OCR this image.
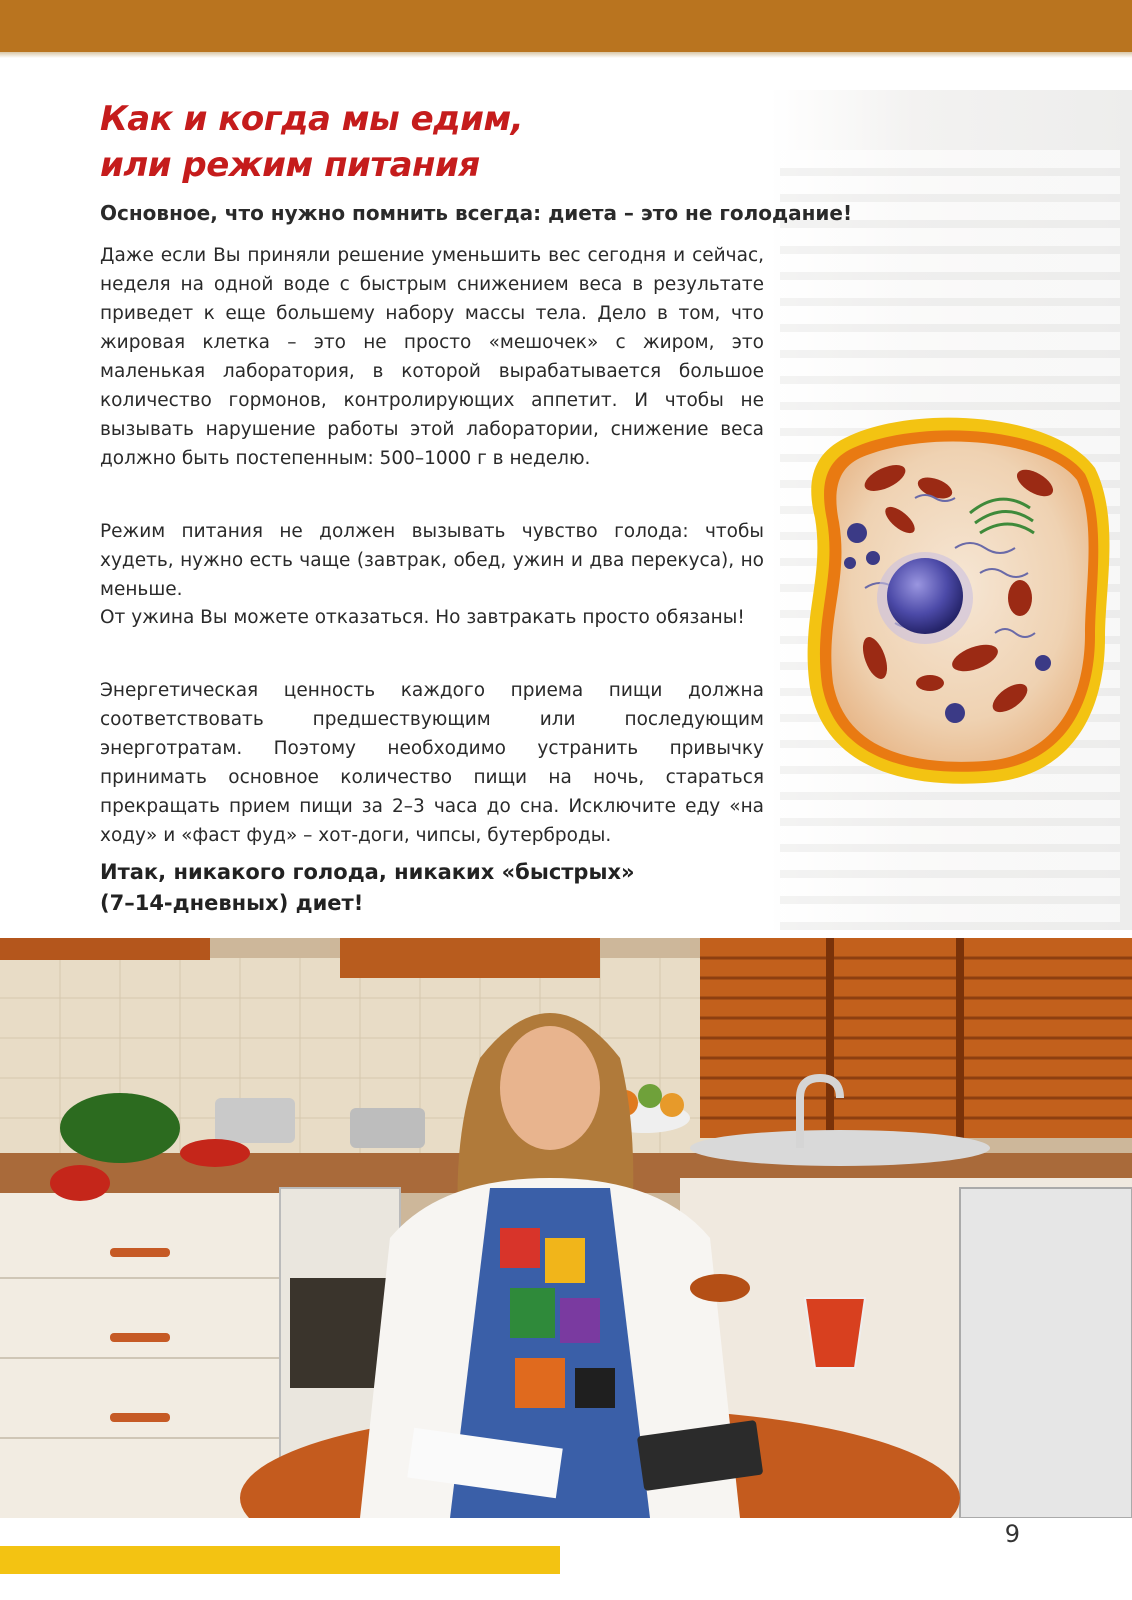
Как и когда мы едим,
или режим питания

Основное, что нужно помнить всегда: диета – это не голодание!

Даже если Вы приняли решение уменьшить вес сегодня и сейчас, неделя на одной воде с быстрым снижением веса в результате приведет к еще большему набору массы тела. Дело в том, что жировая клетка – это не просто «мешочек» с жиром, это маленькая лаборатория, в которой вырабатывается большое количество гормонов, контролирующих аппетит. И чтобы не вызывать нарушение работы этой лаборатории, снижение веса должно быть постепенным: 500–1000 г в неделю.

Режим питания не должен вызывать чувство голода: чтобы худеть, нужно есть чаще (завтрак, обед, ужин и два перекуса), но меньше.

От ужина Вы можете отказаться. Но завтракать просто обязаны!

Энергетическая ценность каждого приема пищи должна соответствовать предшествующим или последующим энерготратам. Поэтому необходимо устранить привычку принимать основное количество пищи на ночь, стараться прекращать прием пищи за 2–3 часа до сна. Исключите еду «на ходу» и «фаст фуд» – хот-доги, чипсы, бутерброды.

Итак, никакого голода, никаких «быстрых»
(7–14-дневных) диет!

9
